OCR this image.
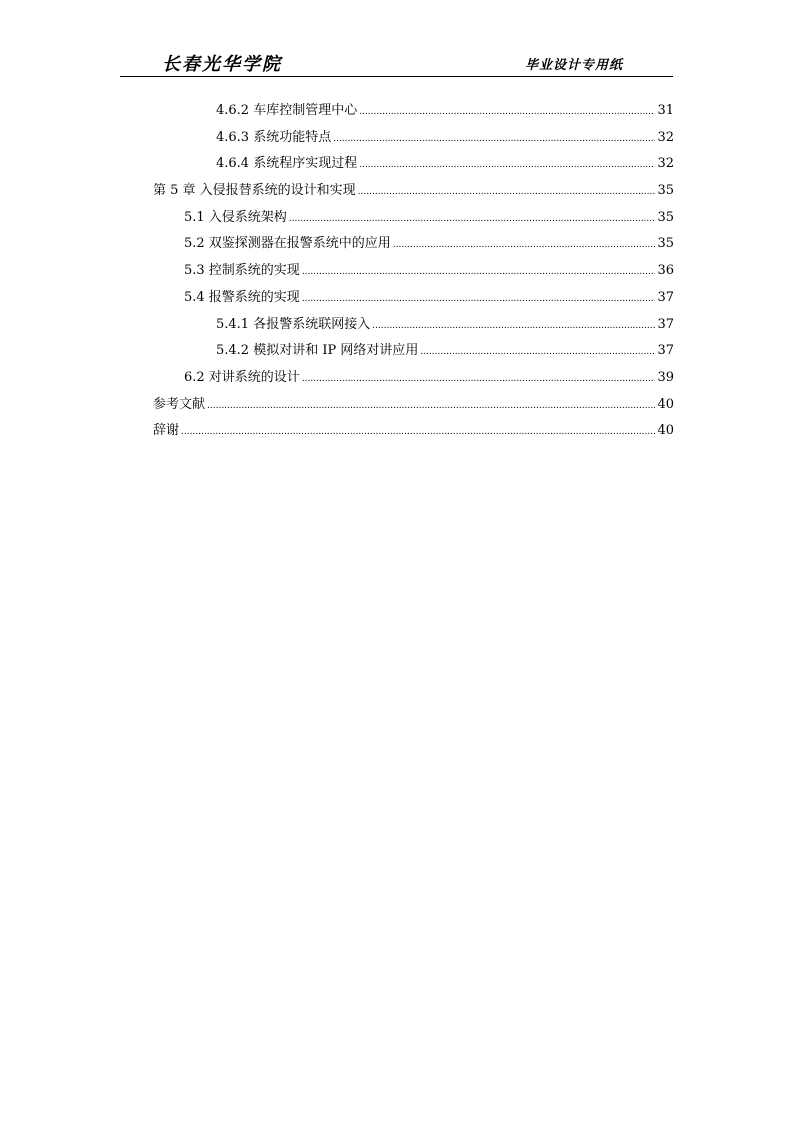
长春光华学院	毕业设计专用纸
4.6.2 车库控制管理中心 .....	31
4.6.3 系统功能特点 .....	32
4.6.4 系统程序实现过程 .....	32
第 5 章 入侵报替系统的设计和实现 .....	35
5.1 入侵系统架构 .....	35
5.2 双鉴探测器在报警系统中的应用 .....	35
5.3 控制系统的实现 .....	36
5.4 报警系统的实现 .....	37
5.4.1 各报警系统联网接入 .....	37
5.4.2 模拟对讲和 IP 网络对讲应用 .....	37
6.2 对讲系统的设计 .....	39
参考文献 .....	40
辞谢 .....	40
